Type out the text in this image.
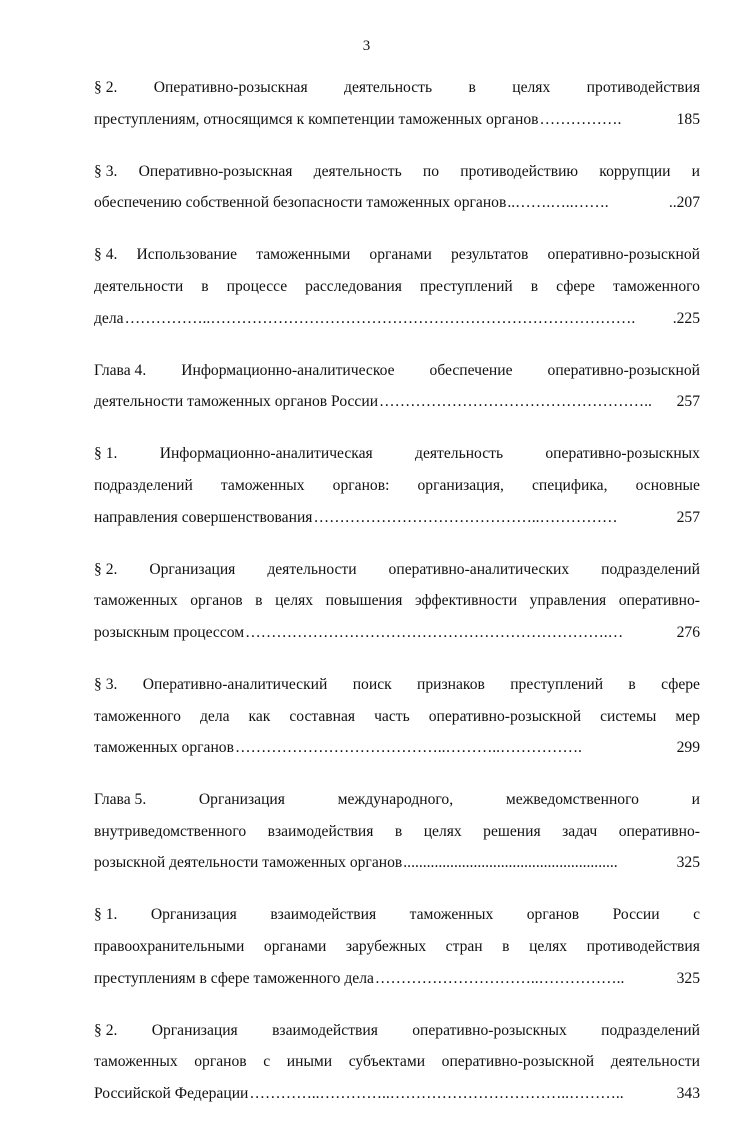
3
§ 2. Оперативно-розыскная деятельность в целях противодействия
преступлениям, относящимся к компетенции таможенных органов …………….	185
§ 3. Оперативно-розыскная деятельность по противодействию коррупции и
обеспечению собственной безопасности таможенных органов ..…….…..…….	..207
§ 4. Использование таможенными органами результатов оперативно-розыскной
деятельности в процессе расследования преступлений в сфере таможенного
дела ……………..……………………………………………………………………….	.225
Глава 4. Информационно-аналитическое обеспечение оперативно-розыскной
деятельности таможенных органов России ……………………………………………..	257
§ 1.	Информационно-аналитическая	деятельность	оперативно-розыскных
подразделений таможенных органов: организация, специфика, основные
направления совершенствования ……………………………………..……………	257
§ 2. Организация деятельности оперативно-аналитических подразделений
таможенных органов в целях повышения эффективности управления оперативно-
розыскным процессом …………………………………………………………….…	276
§ 3. Оперативно-аналитический поиск признаков преступлений в сфере
таможенного дела как составная часть оперативно-розыскной системы мер
таможенных органов …………………………………..………..…………….	299
Глава 5.	Организация	международного,	межведомственного	и
внутриведомственного взаимодействия в целях решения задач оперативно-
розыскной деятельности таможенных органов .......................................................	325
§ 1. Организация взаимодействия таможенных органов России с
правоохранительными органами зарубежных стран в целях противодействия
преступлениям в сфере таможенного дела …………………………..……………..	325
§ 2. Организация взаимодействия оперативно-розыскных подразделений
таможенных органов с иными субъектами оперативно-розыскной деятельности
Российской Федерации …………..…………..……………………………..………..	343
